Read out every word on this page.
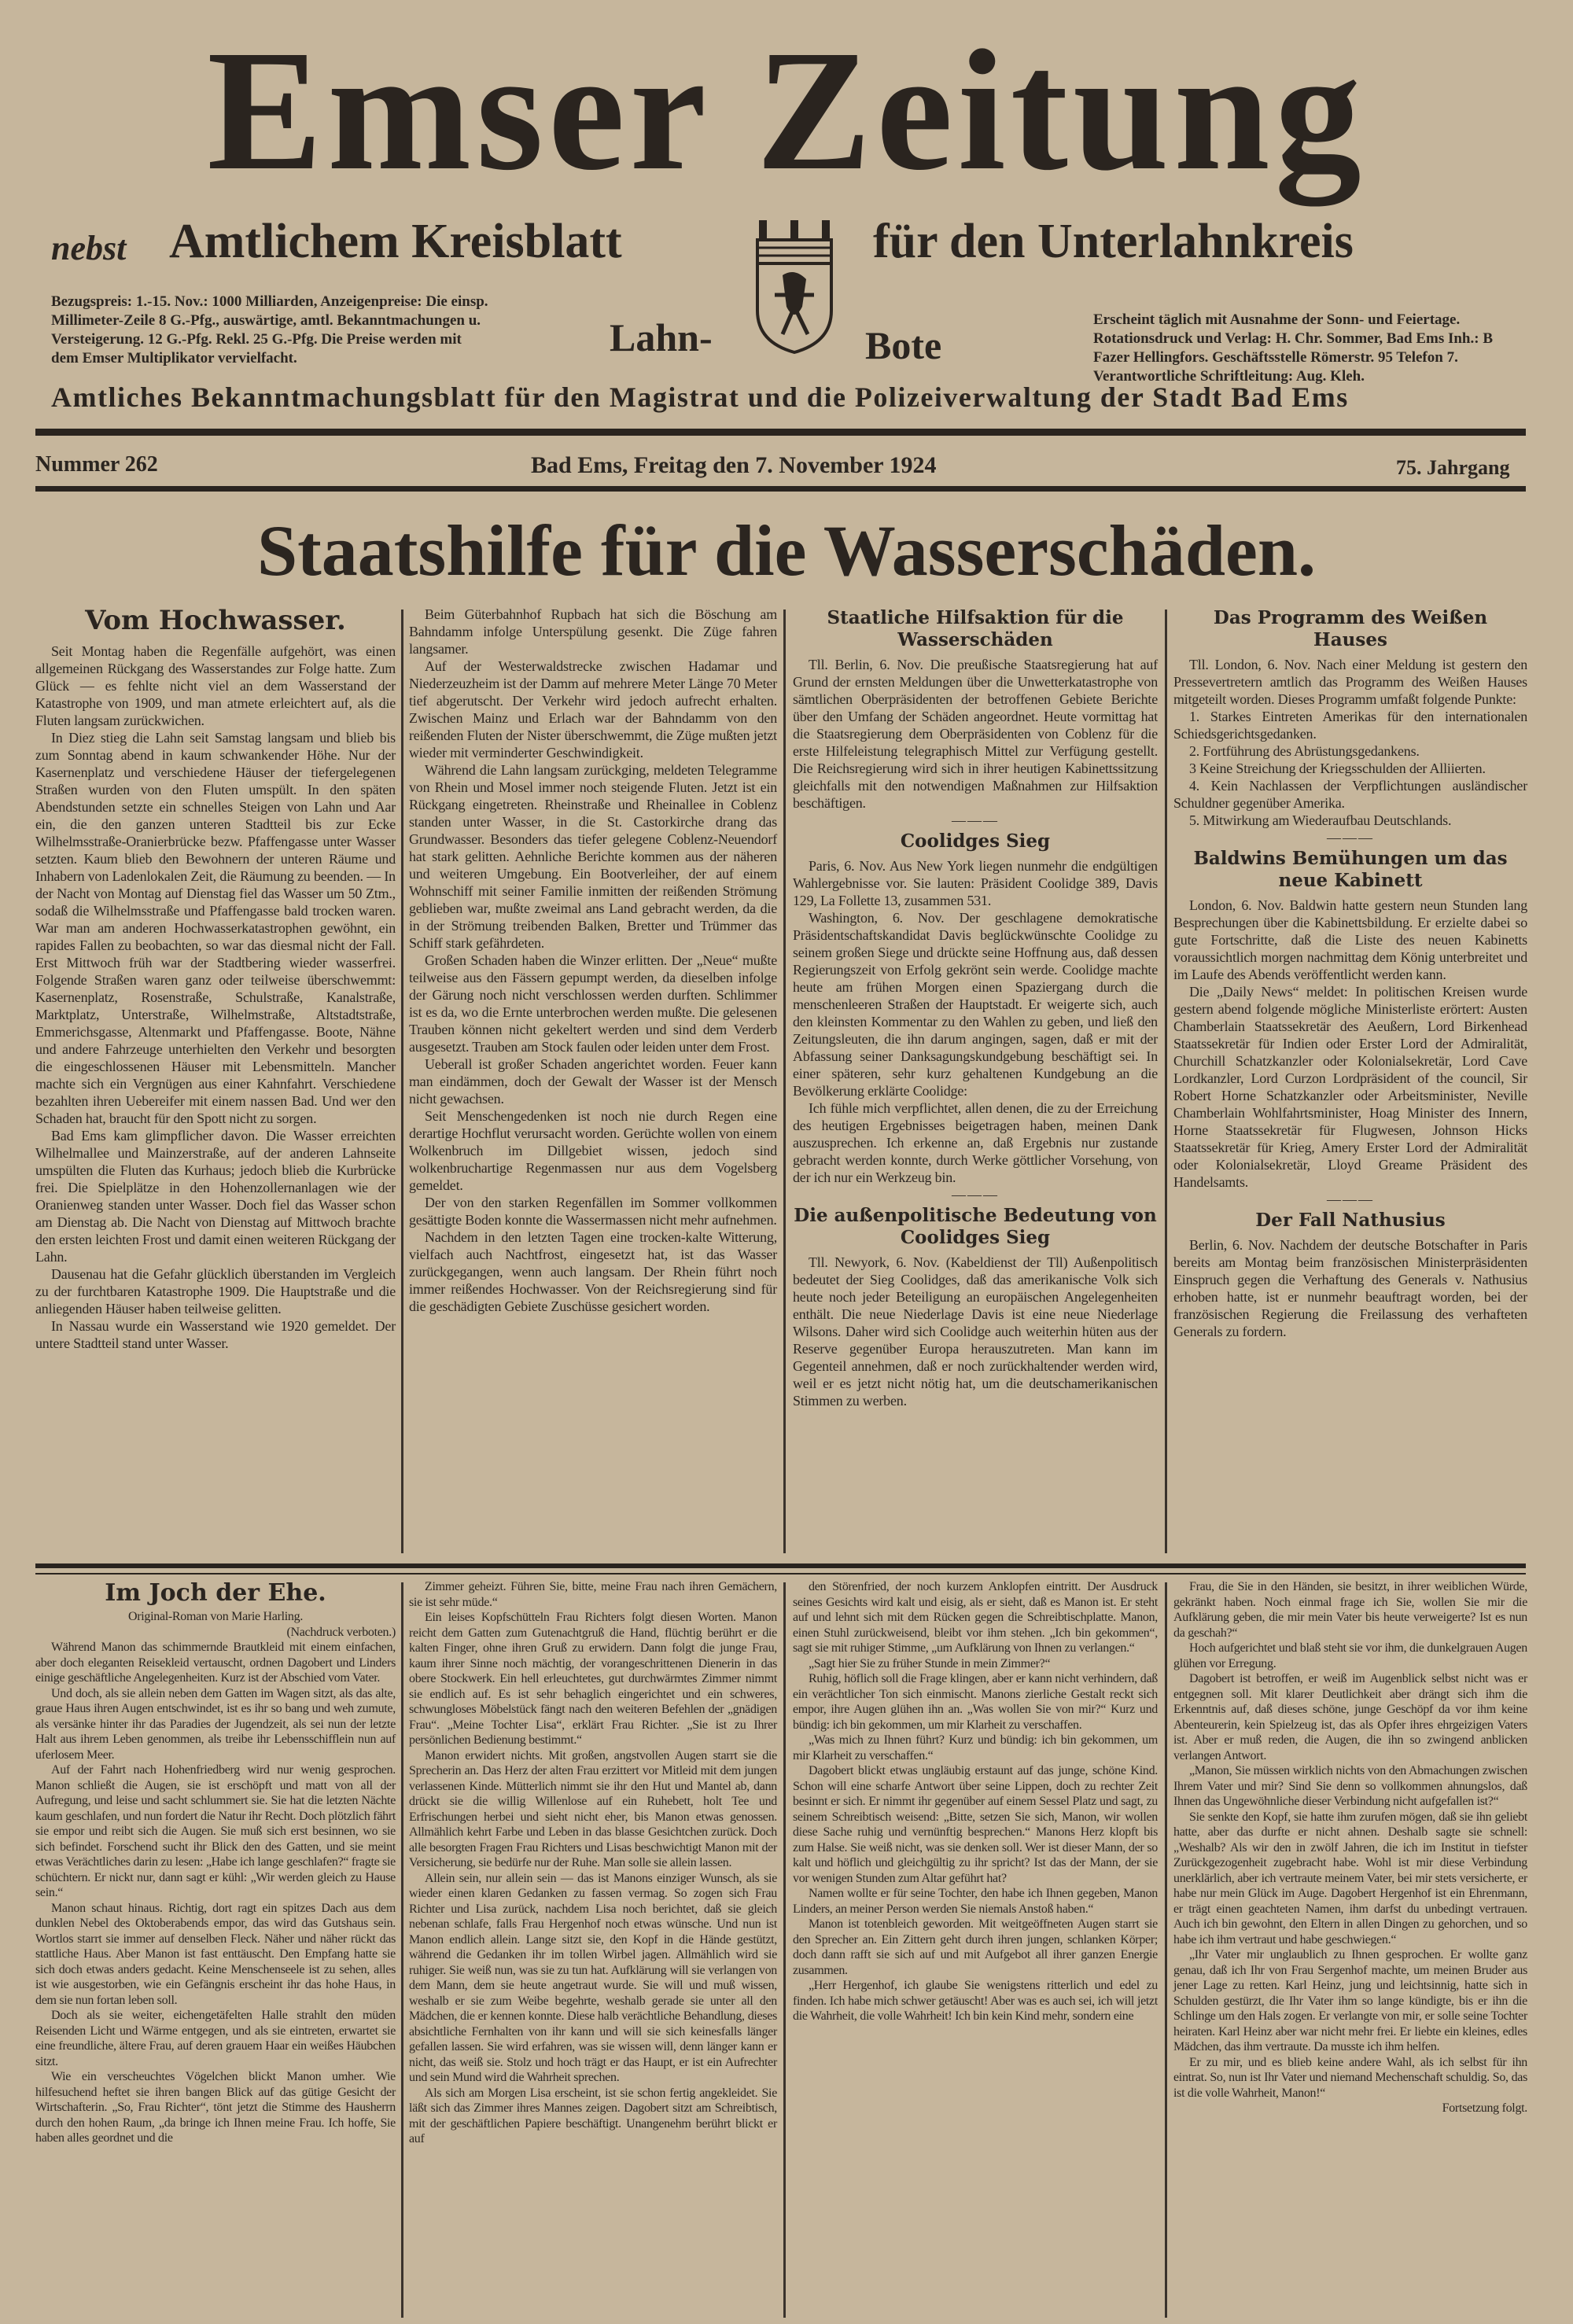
Emser Zeitung
nebst Amtlichem Kreisblatt	für den Unterlahnkreis
Bezugspreis: 1.-15. Nov.: 1000 Milliarden, Anzeigenpreise: Die einsp. Millimeter-Zeile 8 G.-Pfg., auswärtige, amtl. Bekanntmachungen u. Versteigerung. 12 G.-Pfg. Rekl. 25 G.-Pfg. Die Preise werden mit dem Emser Multiplikator vervielfacht.	Lahn-	Bote
Erscheint täglich mit Ausnahme der Sonn- und Feiertage. Rotationsdruck und Verlag: H. Chr. Sommer, Bad Ems Inh.: B Fazer Hellingfors. Geschäftsstelle Römerstr. 95 Telefon 7. Verantwortliche Schriftleitung: Aug. Kleh.
Amtliches Bekanntmachungsblatt für den Magistrat und die Polizeiverwaltung der Stadt Bad Ems
Nummer 262	Bad Ems, Freitag den 7. November 1924	75. Jahrgang
Staatshilfe für die Wasserschäden.
Vom Hochwasser.

Seit Montag haben die Regenfälle aufgehört, was einen allgemeinen Rückgang des Wasserstandes zur Folge hatte. Zum Glück — es fehlte nicht viel an dem Wasserstand der Katastrophe von 1909, und man atmete erleichtert auf, als die Fluten langsam zurückwichen.

In Diez stieg die Lahn seit Samstag langsam und blieb bis zum Sonntag abend in kaum schwankender Höhe. Nur der Kasernenplatz und verschiedene Häuser der tiefergelegenen Straßen wurden von den Fluten umspült. In den späten Abendstunden setzte ein schnelles Steigen von Lahn und Aar ein, die den ganzen unteren Stadtteil bis zur Ecke Wilhelmsstraße-Oranierbrücke bezw. Pfaffengasse unter Wasser setzten. Kaum blieb den Bewohnern der unteren Räume und Inhabern von Ladenlokalen Zeit, die Räumung zu beenden. — In der Nacht von Montag auf Dienstag fiel das Wasser um 50 Ztm., sodaß die Wilhelmsstraße und Pfaffengasse bald trocken waren. War man am anderen Hochwasserkatastrophen gewöhnt, ein rapides Fallen zu beobachten, so war das diesmal nicht der Fall. Erst Mittwoch früh war der Stadtbering wieder wasserfrei. Folgende Straßen waren ganz oder teilweise überschwemmt: Kasernenplatz, Rosenstraße, Schulstraße, Kanalstraße, Marktplatz, Unterstraße, Wilhelmstraße, Altstadtstraße, Emmerichsgasse, Altenmarkt und Pfaffengasse. Boote, Nähne und andere Fahrzeuge unterhielten den Verkehr und besorgten die eingeschlossenen Häuser mit Lebensmitteln. Mancher machte sich ein Vergnügen aus einer Kahnfahrt. Verschiedene bezahlten ihren Uebereifer mit einem nassen Bad. Und wer den Schaden hat, braucht für den Spott nicht zu sorgen.

Bad Ems kam glimpflicher davon. Die Wasser erreichten Wilhelmallee und Mainzerstraße, auf der anderen Lahnseite umspülten die Fluten das Kurhaus; jedoch blieb die Kurbrücke frei. Die Spielplätze in den Hohenzollernanlagen wie der Oranienweg standen unter Wasser. Doch fiel das Wasser schon am Dienstag ab. Die Nacht von Dienstag auf Mittwoch brachte den ersten leichten Frost und damit einen weiteren Rückgang der Lahn.

Dausenau hat die Gefahr glücklich überstanden im Vergleich zu der furchtbaren Katastrophe 1909. Die Hauptstraße und die anliegenden Häuser haben teilweise gelitten.

In Nassau wurde ein Wasserstand wie 1920 gemeldet. Der untere Stadtteil stand unter Wasser.

Beim Güterbahnhof Rupbach hat sich die Böschung am Bahndamm infolge Unterspülung gesenkt. Die Züge fahren langsamer.

Auf der Westerwaldstrecke zwischen Hadamar und Niederzeuzheim ist der Damm auf mehrere Meter Länge 70 Meter tief abgerutscht. Der Verkehr wird jedoch aufrecht erhalten. Zwischen Mainz und Erlach war der Bahndamm von den reißenden Fluten der Nister überschwemmt, die Züge mußten jetzt wieder mit verminderter Geschwindigkeit.

Während die Lahn langsam zurückging, meldeten Telegramme von Rhein und Mosel immer noch steigende Fluten. Jetzt ist ein Rückgang eingetreten. Rheinstraße und Rheinallee in Coblenz standen unter Wasser, in die St. Castorkirche drang das Grundwasser. Besonders das tiefer gelegene Coblenz-Neuendorf hat stark gelitten. Aehnliche Berichte kommen aus der näheren und weiteren Umgebung. Ein Bootverleiher, der auf einem Wohnschiff mit seiner Familie inmitten der reißenden Strömung geblieben war, mußte zweimal ans Land gebracht werden, da die in der Strömung treibenden Balken, Bretter und Trümmer das Schiff stark gefährdeten.

Großen Schaden haben die Winzer erlitten. Der „Neue“ mußte teilweise aus den Fässern gepumpt werden, da dieselben infolge der Gärung noch nicht verschlossen werden durften. Schlimmer ist es da, wo die Ernte unterbrochen werden mußte. Die gelesenen Trauben können nicht gekeltert werden und sind dem Verderb ausgesetzt. Trauben am Stock faulen oder leiden unter dem Frost.

Ueberall ist großer Schaden angerichtet worden. Feuer kann man eindämmen, doch der Gewalt der Wasser ist der Mensch nicht gewachsen.

Seit Menschengedenken ist noch nie durch Regen eine derartige Hochflut verursacht worden. Gerüchte wollen von einem Wolkenbruch im Dillgebiet wissen, jedoch sind wolkenbruchartige Regenmassen nur aus dem Vogelsberg gemeldet.

Der von den starken Regenfällen im Sommer vollkommen gesättigte Boden konnte die Wassermassen nicht mehr aufnehmen.

Nachdem in den letzten Tagen eine trocken-kalte Witterung, vielfach auch Nachtfrost, eingesetzt hat, ist das Wasser zurückgegangen, wenn auch langsam. Der Rhein führt noch immer reißendes Hochwasser. Von der Reichsregierung sind für die geschädigten Gebiete Zuschüsse gesichert worden.

Staatliche Hilfsaktion für die Wasserschäden

Tll. Berlin, 6. Nov. Die preußische Staatsregierung hat auf Grund der ernsten Meldungen über die Unwetterkatastrophe von sämtlichen Oberpräsidenten der betroffenen Gebiete Berichte über den Umfang der Schäden angeordnet. Heute vormittag hat die Staatsregierung dem Oberpräsidenten von Coblenz für die erste Hilfeleistung telegraphisch Mittel zur Verfügung gestellt. Die Reichsregierung wird sich in ihrer heutigen Kabinettssitzung gleichfalls mit den notwendigen Maßnahmen zur Hilfsaktion beschäftigen.

———
Coolidges Sieg

Paris, 6. Nov. Aus New York liegen nunmehr die endgültigen Wahlergebnisse vor. Sie lauten: Präsident Coolidge 389, Davis 129, La Follette 13, zusammen 531.

Washington, 6. Nov. Der geschlagene demokratische Präsidentschaftskandidat Davis beglückwünschte Coolidge zu seinem großen Siege und drückte seine Hoffnung aus, daß dessen Regierungszeit von Erfolg gekrönt sein werde. Coolidge machte heute am frühen Morgen einen Spaziergang durch die menschenleeren Straßen der Hauptstadt. Er weigerte sich, auch den kleinsten Kommentar zu den Wahlen zu geben, und ließ den Zeitungsleuten, die ihn darum angingen, sagen, daß er mit der Abfassung seiner Danksagungskundgebung beschäftigt sei. In einer späteren, sehr kurz gehaltenen Kundgebung an die Bevölkerung erklärte Coolidge:

Ich fühle mich verpflichtet, allen denen, die zu der Erreichung des heutigen Ergebnisses beigetragen haben, meinen Dank auszusprechen. Ich erkenne an, daß Ergebnis nur zustande gebracht werden konnte, durch Werke göttlicher Vorsehung, von der ich nur ein Werkzeug bin.

———
Die außenpolitische Bedeutung von Coolidges Sieg

Tll. Newyork, 6. Nov. (Kabeldienst der Tll) Außenpolitisch bedeutet der Sieg Coolidges, daß das amerikanische Volk sich heute noch jeder Beteiligung an europäischen Angelegenheiten enthält. Die neue Niederlage Davis ist eine neue Niederlage Wilsons. Daher wird sich Coolidge auch weiterhin hüten aus der Reserve gegenüber Europa herauszutreten. Man kann im Gegenteil annehmen, daß er noch zurückhaltender werden wird, weil er es jetzt nicht nötig hat, um die deutschamerikanischen Stimmen zu werben.

Das Programm des Weißen Hauses

Tll. London, 6. Nov. Nach einer Meldung ist gestern den Pressevertretern amtlich das Programm des Weißen Hauses mitgeteilt worden. Dieses Programm umfaßt folgende Punkte:

1. Starkes Eintreten Amerikas für den internationalen Schiedsgerichtsgedanken.

2. Fortführung des Abrüstungsgedankens.

3 Keine Streichung der Kriegsschulden der Alliierten.

4. Kein Nachlassen der Verpflichtungen ausländischer Schuldner gegenüber Amerika.

5. Mitwirkung am Wiederaufbau Deutschlands.

———
Baldwins Bemühungen um das neue Kabinett

London, 6. Nov. Baldwin hatte gestern neun Stunden lang Besprechungen über die Kabinettsbildung. Er erzielte dabei so gute Fortschritte, daß die Liste des neuen Kabinetts voraussichtlich morgen nachmittag dem König unterbreitet und im Laufe des Abends veröffentlicht werden kann.

Die „Daily News“ meldet: In politischen Kreisen wurde gestern abend folgende mögliche Ministerliste erörtert: Austen Chamberlain Staatssekretär des Aeußern, Lord Birkenhead Staatssekretär für Indien oder Erster Lord der Admiralität, Churchill Schatzkanzler oder Kolonialsekretär, Lord Cave Lordkanzler, Lord Curzon Lordpräsident of the council, Sir Robert Horne Schatzkanzler oder Arbeitsminister, Neville Chamberlain Wohlfahrtsminister, Hoag Minister des Innern, Horne Staatssekretär für Flugwesen, Johnson Hicks Staatssekretär für Krieg, Amery Erster Lord der Admiralität oder Kolonialsekretär, Lloyd Greame Präsident des Handelsamts.

———
Der Fall Nathusius

Berlin, 6. Nov. Nachdem der deutsche Botschafter in Paris bereits am Montag beim französischen Ministerpräsidenten Einspruch gegen die Verhaftung des Generals v. Nathusius erhoben hatte, ist er nunmehr beauftragt worden, bei der französischen Regierung die Freilassung des verhafteten Generals zu fordern.

Im Joch der Ehe.

Original-Roman von Marie Harling.

(Nachdruck verboten.)

Während Manon das schimmernde Brautkleid mit einem einfachen, aber doch eleganten Reisekleid vertauscht, ordnen Dagobert und Linders einige geschäftliche Angelegenheiten. Kurz ist der Abschied vom Vater.

Und doch, als sie allein neben dem Gatten im Wagen sitzt, als das alte, graue Haus ihren Augen entschwindet, ist es ihr so bang und weh zumute, als versänke hinter ihr das Paradies der Jugendzeit, als sei nun der letzte Halt aus ihrem Leben genommen, als treibe ihr Lebensschifflein nun auf uferlosem Meer.

Auf der Fahrt nach Hohenfriedberg wird nur wenig gesprochen. Manon schließt die Augen, sie ist erschöpft und matt von all der Aufregung, und leise und sacht schlummert sie. Sie hat die letzten Nächte kaum geschlafen, und nun fordert die Natur ihr Recht. Doch plötzlich fährt sie empor und reibt sich die Augen. Sie muß sich erst besinnen, wo sie sich befindet. Forschend sucht ihr Blick den des Gatten, und sie meint etwas Verächtliches darin zu lesen: „Habe ich lange geschlafen?“ fragte sie schüchtern. Er nickt nur, dann sagt er kühl: „Wir werden gleich zu Hause sein.“

Manon schaut hinaus. Richtig, dort ragt ein spitzes Dach aus dem dunklen Nebel des Oktoberabends empor, das wird das Gutshaus sein. Wortlos starrt sie immer auf denselben Fleck. Näher und näher rückt das stattliche Haus. Aber Manon ist fast enttäuscht. Den Empfang hatte sie sich doch etwas anders gedacht. Keine Menschenseele ist zu sehen, alles ist wie ausgestorben, wie ein Gefängnis erscheint ihr das hohe Haus, in dem sie nun fortan leben soll.

Doch als sie weiter, eichengetäfelten Halle strahlt den müden Reisenden Licht und Wärme entgegen, und als sie eintreten, erwartet sie eine freundliche, ältere Frau, auf deren grauem Haar ein weißes Häubchen sitzt.

Wie ein verscheuchtes Vögelchen blickt Manon umher. Wie hilfesuchend heftet sie ihren bangen Blick auf das gütige Gesicht der Wirtschafterin. „So, Frau Richter“, tönt jetzt die Stimme des Hausherrn durch den hohen Raum, „da bringe ich Ihnen meine Frau. Ich hoffe, Sie haben alles geordnet und die

Zimmer geheizt. Führen Sie, bitte, meine Frau nach ihren Gemächern, sie ist sehr müde.“

Ein leises Kopfschütteln Frau Richters folgt diesen Worten. Manon reicht dem Gatten zum Gutenachtgruß die Hand, flüchtig berührt er die kalten Finger, ohne ihren Gruß zu erwidern. Dann folgt die junge Frau, kaum ihrer Sinne noch mächtig, der vorangeschrittenen Dienerin in das obere Stockwerk. Ein hell erleuchtetes, gut durchwärmtes Zimmer nimmt sie endlich auf. Es ist sehr behaglich eingerichtet und ein schweres, schwungloses Möbelstück fängt nach den weiteren Befehlen der „gnädigen Frau“. „Meine Tochter Lisa“, erklärt Frau Richter. „Sie ist zu Ihrer persönlichen Bedienung bestimmt.“

Manon erwidert nichts. Mit großen, angstvollen Augen starrt sie die Sprecherin an. Das Herz der alten Frau erzittert vor Mitleid mit dem jungen verlassenen Kinde. Mütterlich nimmt sie ihr den Hut und Mantel ab, dann drückt sie die willig Willenlose auf ein Ruhebett, holt Tee und Erfrischungen herbei und sieht nicht eher, bis Manon etwas genossen. Allmählich kehrt Farbe und Leben in das blasse Gesichtchen zurück. Doch alle besorgten Fragen Frau Richters und Lisas beschwichtigt Manon mit der Versicherung, sie bedürfe nur der Ruhe. Man solle sie allein lassen.

Allein sein, nur allein sein — das ist Manons einziger Wunsch, als sie wieder einen klaren Gedanken zu fassen vermag. So zogen sich Frau Richter und Lisa zurück, nachdem Lisa noch berichtet, daß sie gleich nebenan schlafe, falls Frau Hergenhof noch etwas wünsche. Und nun ist Manon endlich allein. Lange sitzt sie, den Kopf in die Hände gestützt, während die Gedanken ihr im tollen Wirbel jagen. Allmählich wird sie ruhiger. Sie weiß nun, was sie zu tun hat. Aufklärung will sie verlangen von dem Mann, dem sie heute angetraut wurde. Sie will und muß wissen, weshalb er sie zum Weibe begehrte, weshalb gerade sie unter all den Mädchen, die er kennen konnte. Diese halb verächtliche Behandlung, dieses absichtliche Fernhalten von ihr kann und will sie sich keinesfalls länger gefallen lassen. Sie wird erfahren, was sie wissen will, denn länger kann er nicht, das weiß sie. Stolz und hoch trägt er das Haupt, er ist ein Aufrechter und sein Mund wird die Wahrheit sprechen.

Als sich am Morgen Lisa erscheint, ist sie schon fertig angekleidet. Sie läßt sich das Zimmer ihres Mannes zeigen. Dagobert sitzt am Schreibtisch, mit der geschäftlichen Papiere beschäftigt. Unangenehm berührt blickt er auf

den Störenfried, der noch kurzem Anklopfen eintritt. Der Ausdruck seines Gesichts wird kalt und eisig, als er sieht, daß es Manon ist. Er steht auf und lehnt sich mit dem Rücken gegen die Schreibtischplatte. Manon, einen Stuhl zurückweisend, bleibt vor ihm stehen. „Ich bin gekommen“, sagt sie mit ruhiger Stimme, „um Aufklärung von Ihnen zu verlangen.“

„Sagt hier Sie zu früher Stunde in mein Zimmer?“

Ruhig, höflich soll die Frage klingen, aber er kann nicht verhindern, daß ein verächtlicher Ton sich einmischt. Manons zierliche Gestalt reckt sich empor, ihre Augen glühen ihn an. „Was wollen Sie von mir?“ Kurz und bündig: ich bin gekommen, um mir Klarheit zu verschaffen.

„Was mich zu Ihnen führt? Kurz und bündig: ich bin gekommen, um mir Klarheit zu verschaffen.“

Dagobert blickt etwas ungläubig erstaunt auf das junge, schöne Kind. Schon will eine scharfe Antwort über seine Lippen, doch zu rechter Zeit besinnt er sich. Er nimmt ihr gegenüber auf einem Sessel Platz und sagt, zu seinem Schreibtisch weisend: „Bitte, setzen Sie sich, Manon, wir wollen diese Sache ruhig und vernünftig besprechen.“ Manons Herz klopft bis zum Halse. Sie weiß nicht, was sie denken soll. Wer ist dieser Mann, der so kalt und höflich und gleichgültig zu ihr spricht? Ist das der Mann, der sie vor wenigen Stunden zum Altar geführt hat?

Namen wollte er für seine Tochter, den habe ich Ihnen gegeben, Manon Linders, an meiner Person werden Sie niemals Anstoß haben.“

Manon ist totenbleich geworden. Mit weitgeöffneten Augen starrt sie den Sprecher an. Ein Zittern geht durch ihren jungen, schlanken Körper; doch dann rafft sie sich auf und mit Aufgebot all ihrer ganzen Energie zusammen.

„Herr Hergenhof, ich glaube Sie wenigstens ritterlich und edel zu finden. Ich habe mich schwer getäuscht! Aber was es auch sei, ich will jetzt die Wahrheit, die volle Wahrheit! Ich bin kein Kind mehr, sondern eine

Frau, die Sie in den Händen, sie besitzt, in ihrer weiblichen Würde, gekränkt haben. Noch einmal frage ich Sie, wollen Sie mir die Aufklärung geben, die mir mein Vater bis heute verweigerte? Ist es nun da geschah?“

Hoch aufgerichtet und blaß steht sie vor ihm, die dunkelgrauen Augen glühen vor Erregung.

Dagobert ist betroffen, er weiß im Augenblick selbst nicht was er entgegnen soll. Mit klarer Deutlichkeit aber drängt sich ihm die Erkenntnis auf, daß dieses schöne, junge Geschöpf da vor ihm keine Abenteurerin, kein Spielzeug ist, das als Opfer ihres ehrgeizigen Vaters ist. Aber er muß reden, die Augen, die ihn so zwingend anblicken verlangen Antwort.

„Manon, Sie müssen wirklich nichts von den Abmachungen zwischen Ihrem Vater und mir? Sind Sie denn so vollkommen ahnungslos, daß Ihnen das Ungewöhnliche dieser Verbindung nicht aufgefallen ist?“

Sie senkte den Kopf, sie hatte ihm zurufen mögen, daß sie ihn geliebt hatte, aber das durfte er nicht ahnen. Deshalb sagte sie schnell: „Weshalb? Als wir den in zwölf Jahren, die ich im Institut in tiefster Zurückgezogenheit zugebracht habe. Wohl ist mir diese Verbindung unerklärlich, aber ich vertraute meinem Vater, bei mir stets versicherte, er habe nur mein Glück im Auge. Dagobert Hergenhof ist ein Ehrenmann, er trägt einen geachteten Namen, ihm darfst du unbedingt vertrauen. Auch ich bin gewohnt, den Eltern in allen Dingen zu gehorchen, und so habe ich ihm vertraut und habe geschwiegen.“

„Ihr Vater mir unglaublich zu Ihnen gesprochen. Er wollte ganz genau, daß ich Ihr von Frau Sergenhof machte, um meinen Bruder aus jener Lage zu retten. Karl Heinz, jung und leichtsinnig, hatte sich in Schulden gestürzt, die Ihr Vater ihm so lange kündigte, bis er ihn die Schlinge um den Hals zogen. Er verlangte von mir, er solle seine Tochter heiraten. Karl Heinz aber war nicht mehr frei. Er liebte ein kleines, edles Mädchen, das ihm vertraute. Da musste ich ihm helfen.

Er zu mir, und es blieb keine andere Wahl, als ich selbst für ihn eintrat. So, nun ist Ihr Vater und niemand Mechenschaft schuldig. So, das ist die volle Wahrheit, Manon!“

Fortsetzung folgt.
